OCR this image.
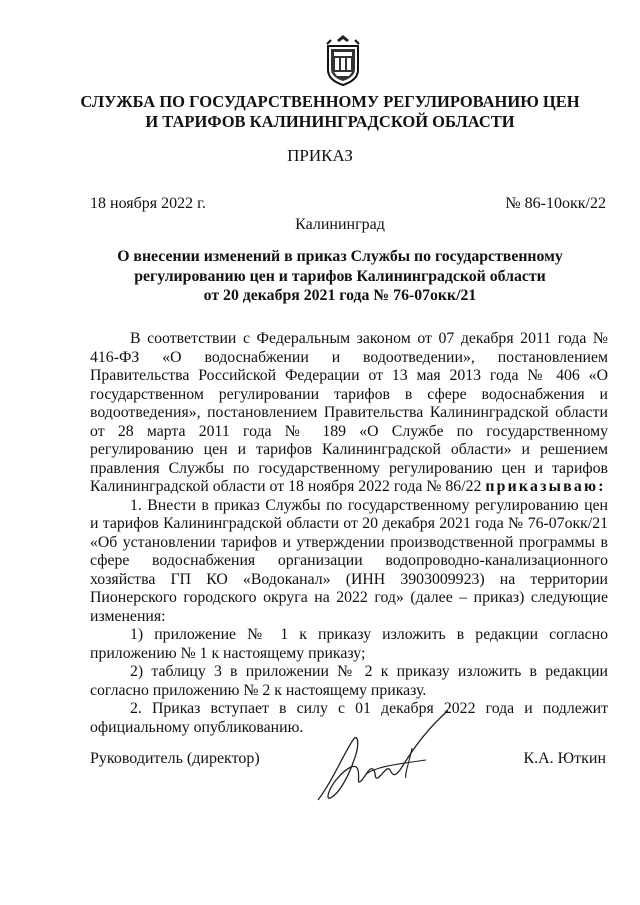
СЛУЖБА ПО ГОСУДАРСТВЕННОМУ РЕГУЛИРОВАНИЮ ЦЕН
И ТАРИФОВ КАЛИНИНГРАДСКОЙ ОБЛАСТИ
ПРИКАЗ
18 ноября 2022 г.	№ 86-10окк/22
Калининград
О внесении изменений в приказ Службы по государственному
регулированию цен и тарифов Калининградской области
от 20 декабря 2021 года № 76-07окк/21

В соответствии с Федеральным законом от 07 декабря 2011 года № 416-ФЗ «О водоснабжении и водоотведении», постановлением Правительства Российской Федерации от 13 мая 2013 года № 406 «О государственном регулировании тарифов в сфере водоснабжения и водоотведения», постановлением Правительства Калининградской области от 28 марта 2011 года № 189 «О Службе по государственному регулированию цен и тарифов Калининградской области» и решением правления Службы по государственному регулированию цен и тарифов Калининградской области от 18 ноября 2022 года № 86/22 приказываю:

1. Внести в приказ Службы по государственному регулированию цен и тарифов Калининградской области от 20 декабря 2021 года № 76-07окк/21 «Об установлении тарифов и утверждении производственной программы в сфере водоснабжения организации водопроводно-канализационного хозяйства ГП КО «Водоканал» (ИНН 3903009923) на территории Пионерского городского округа на 2022 год» (далее – приказ) следующие изменения:

1) приложение № 1 к приказу изложить в редакции согласно приложению № 1 к настоящему приказу;

2) таблицу 3 в приложении № 2 к приказу изложить в редакции согласно приложению № 2 к настоящему приказу.

2. Приказ вступает в силу с 01 декабря 2022 года и подлежит официальному опубликованию.

Руководитель (директор)	К.А. Юткин
